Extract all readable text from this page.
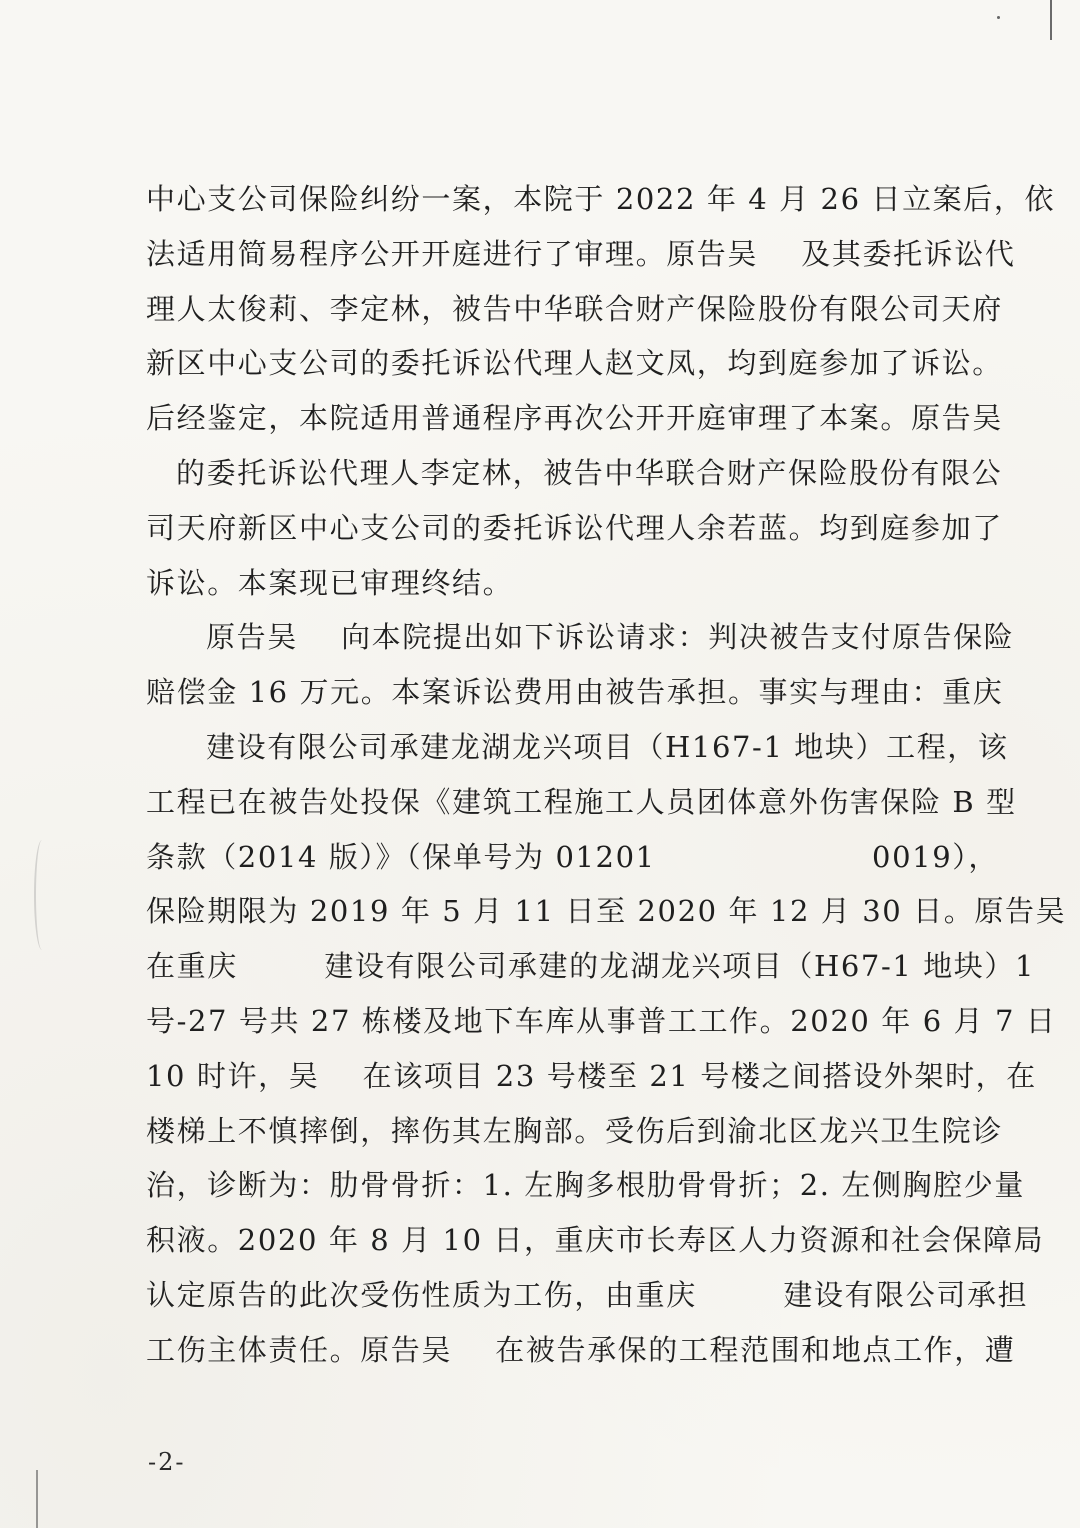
中心支公司保险纠纷一案，本院于 2022 年 4 月 26 日立案后，依
法适用简易程序公开开庭进行了审理。原告吴    及其委托诉讼代
理人太俊莉、李定林，被告中华联合财产保险股份有限公司天府
新区中心支公司的委托诉讼代理人赵文凤，均到庭参加了诉讼。
后经鉴定，本院适用普通程序再次公开开庭审理了本案。原告吴
的委托诉讼代理人李定林，被告中华联合财产保险股份有限公
司天府新区中心支公司的委托诉讼代理人余若蓝。均到庭参加了
诉讼。本案现已审理终结。
原告吴    向本院提出如下诉讼请求：判决被告支付原告保险
赔偿金 16 万元。本案诉讼费用由被告承担。事实与理由：重庆
建设有限公司承建龙湖龙兴项目（H167-1 地块）工程，该
工程已在被告处投保《建筑工程施工人员团体意外伤害保险 B 型
条款（2014 版）》（保单号为 01201                    0019），
保险期限为 2019 年 5 月 11 日至 2020 年 12 月 30 日。原告吴
在重庆        建设有限公司承建的龙湖龙兴项目（H67-1 地块）1
号-27 号共 27 栋楼及地下车库从事普工工作。2020 年 6 月 7 日
10 时许，吴    在该项目 23 号楼至 21 号楼之间搭设外架时，在
楼梯上不慎摔倒，摔伤其左胸部。受伤后到渝北区龙兴卫生院诊
治，诊断为：肋骨骨折：1. 左胸多根肋骨骨折；2. 左侧胸腔少量
积液。2020 年 8 月 10 日，重庆市长寿区人力资源和社会保障局
认定原告的此次受伤性质为工伤，由重庆        建设有限公司承担
工伤主体责任。原告吴    在被告承保的工程范围和地点工作，遭
-2-
